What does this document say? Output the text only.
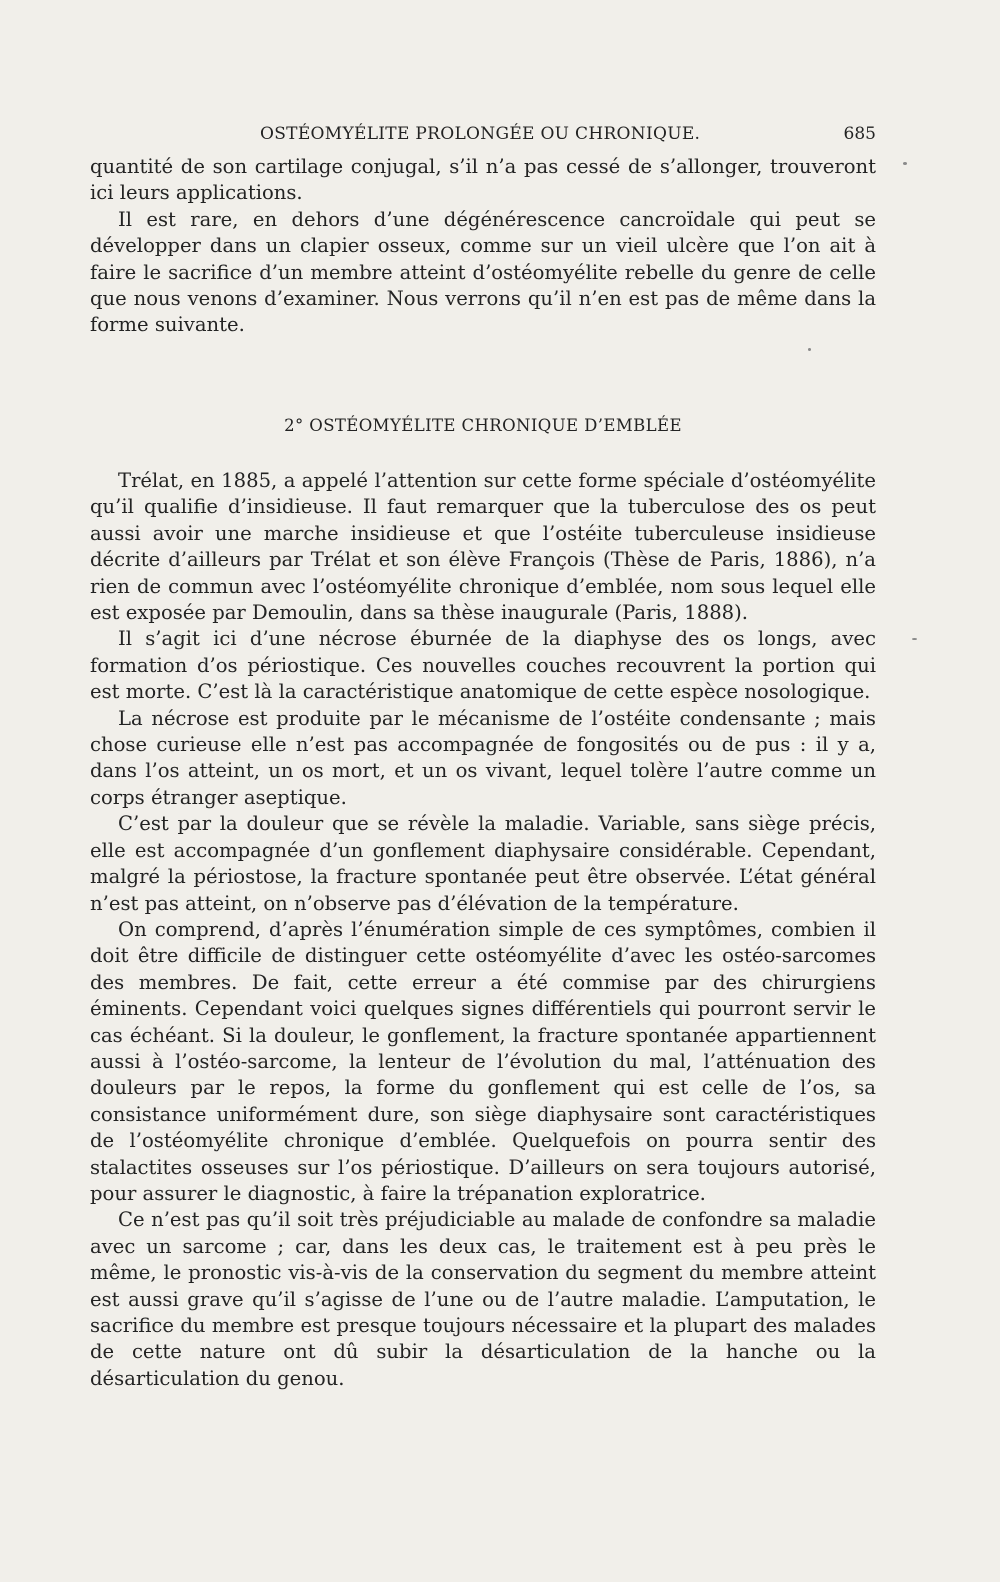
OSTÉOMYÉLITE PROLONGÉE OU CHRONIQUE.	685

quantité de son cartilage conjugal, s’il n’a pas cessé de s’allonger, trouveront ici leurs applications.

Il est rare, en dehors d’une dégénérescence cancroïdale qui peut se développer dans un clapier osseux, comme sur un vieil ulcère que l’on ait à faire le sacrifice d’un membre atteint d’ostéomyélite rebelle du genre de celle que nous venons d’examiner. Nous verrons qu’il n’en est pas de même dans la forme suivante.

2° OSTÉOMYÉLITE CHRONIQUE D’EMBLÉE

Trélat, en 1885, a appelé l’attention sur cette forme spéciale d’ostéomyélite qu’il qualifie d’insidieuse. Il faut remarquer que la tuberculose des os peut aussi avoir une marche insidieuse et que l’ostéite tuberculeuse insidieuse décrite d’ailleurs par Trélat et son élève François (Thèse de Paris, 1886), n’a rien de commun avec l’ostéomyélite chronique d’emblée, nom sous lequel elle est exposée par Demoulin, dans sa thèse inaugurale (Paris, 1888).

Il s’agit ici d’une nécrose éburnée de la diaphyse des os longs, avec formation d’os périostique. Ces nouvelles couches recouvrent la portion qui est morte. C’est là la caractéristique anatomique de cette espèce nosologique.

La nécrose est produite par le mécanisme de l’ostéite condensante ; mais chose curieuse elle n’est pas accompagnée de fongosités ou de pus : il y a, dans l’os atteint, un os mort, et un os vivant, lequel tolère l’autre comme un corps étranger aseptique.

C’est par la douleur que se révèle la maladie. Variable, sans siège précis, elle est accompagnée d’un gonflement diaphysaire considérable. Cependant, malgré la périostose, la fracture spontanée peut être observée. L’état général n’est pas atteint, on n’observe pas d’élévation de la température.

On comprend, d’après l’énumération simple de ces symptômes, combien il doit être difficile de distinguer cette ostéomyélite d’avec les ostéo-sarcomes des membres. De fait, cette erreur a été commise par des chirurgiens éminents. Cependant voici quelques signes différentiels qui pourront servir le cas échéant. Si la douleur, le gonflement, la fracture spontanée appartiennent aussi à l’ostéo-sarcome, la lenteur de l’évolution du mal, l’atténuation des douleurs par le repos, la forme du gonflement qui est celle de l’os, sa consistance uniformément dure, son siège diaphysaire sont caractéristiques de l’ostéomyélite chronique d’emblée. Quelquefois on pourra sentir des stalactites osseuses sur l’os périostique. D’ailleurs on sera toujours autorisé, pour assurer le diagnostic, à faire la trépanation exploratrice.

Ce n’est pas qu’il soit très préjudiciable au malade de confondre sa maladie avec un sarcome ; car, dans les deux cas, le traitement est à peu près le même, le pronostic vis-à-vis de la conservation du segment du membre atteint est aussi grave qu’il s’agisse de l’une ou de l’autre maladie. L’amputation, le sacrifice du membre est presque toujours nécessaire et la plupart des malades de cette nature ont dû subir la désarticulation de la hanche ou la désarticulation du genou.
